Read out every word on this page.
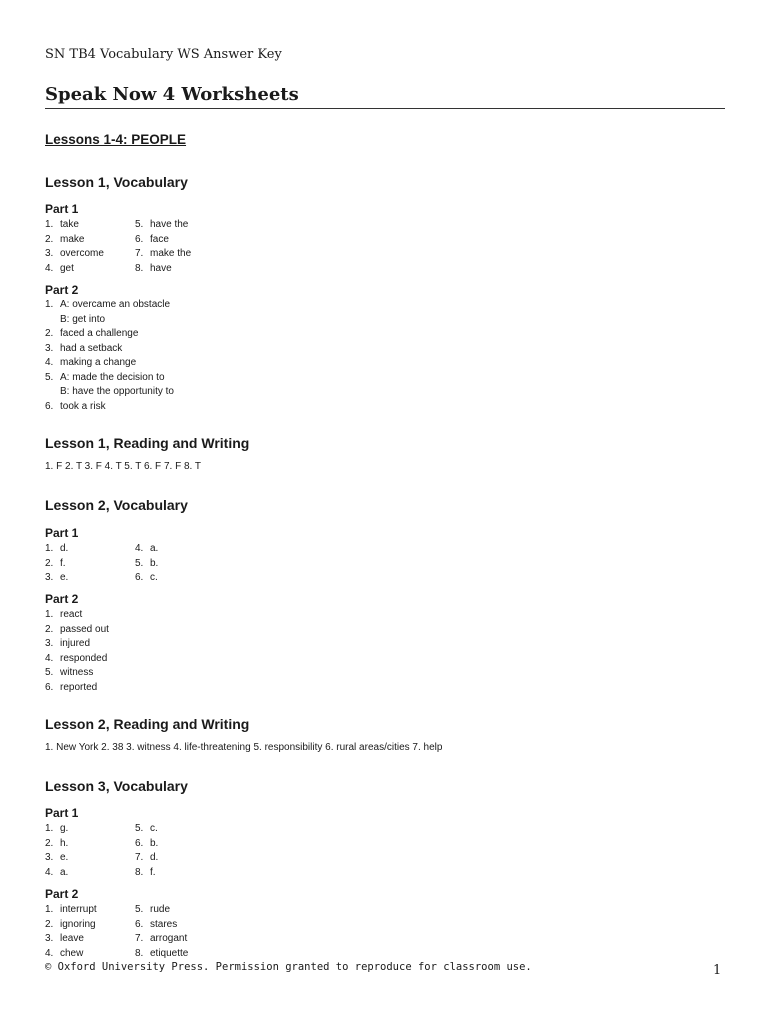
SN TB4 Vocabulary WS Answer Key
Speak Now 4 Worksheets
Lessons 1-4: PEOPLE
Lesson 1, Vocabulary
Part 1
1. take
2. make
3. overcome
4. get
5. have the
6. face
7. make the
8. have
Part 2
1. A: overcame an obstacle
B: get into
2. faced a challenge
3. had a setback
4. making a change
5. A: made the decision to
B: have the opportunity to
6. took a risk
Lesson 1, Reading and Writing
1. F 2. T 3. F 4. T 5. T 6. F 7. F 8. T
Lesson 2, Vocabulary
Part 1
1. d.
2. f.
3. e.
4. a.
5. b.
6. c.
Part 2
1. react
2. passed out
3. injured
4. responded
5. witness
6. reported
Lesson 2, Reading and Writing
1. New York 2. 38 3. witness 4. life-threatening 5. responsibility 6. rural areas/cities 7. help
Lesson 3, Vocabulary
Part 1
1. g.
2. h.
3. e.
4. a.
5. c.
6. b.
7. d.
8. f.
Part 2
1. interrupt
2. ignoring
3. leave
4. chew
5. rude
6. stares
7. arrogant
8. etiquette
© Oxford University Press. Permission granted to reproduce for classroom use.	1
